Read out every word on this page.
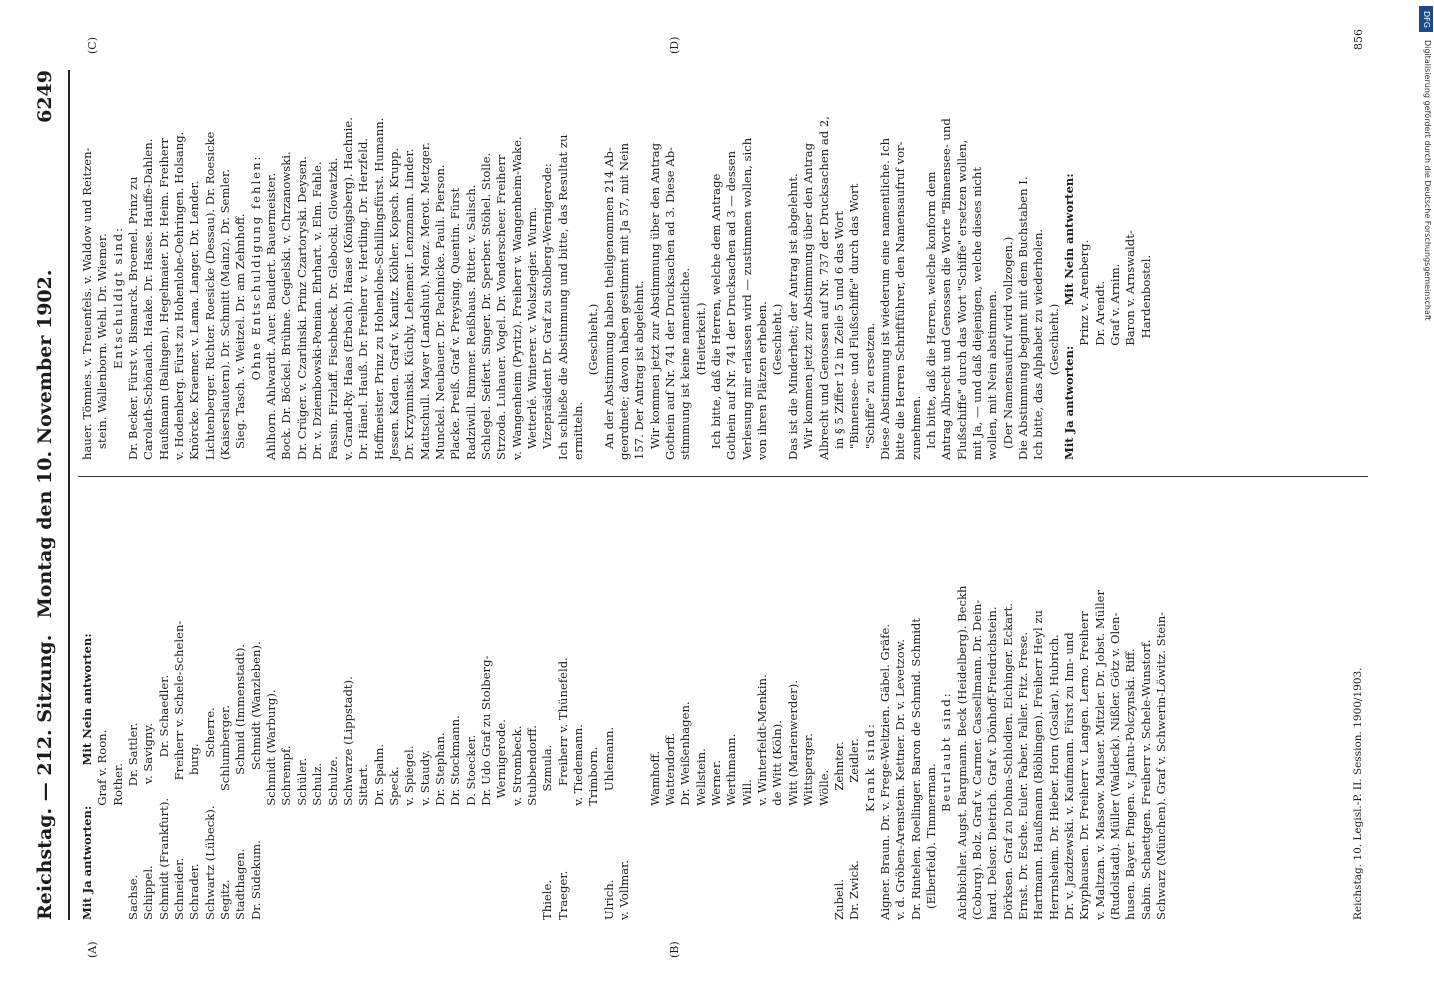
Reichstag. — 212. Sitzung.
Montag den 10. November 1902. 6249
(A)	(B)
(C)	(D)
Mit Ja antworten:          Mit Nein antworten: Graf v. Roon. Rother. Sachse.                        Dr. Sattler. Schippel.                      v. Savigny. Schmidt (Frankfurt).           Dr. Schaedler. Schneider.                     Freiherr v. Schele-Schelen- Schrader.                        burg. Schwartz (Lübeck).             Scherre. Segitz.                        Schlumberger. Stadthagen.                    Schmid (Immenstadt). Dr. Südekum.                   Schmidt (Wanzleben). Schmidt (Warburg). Schrempf. Schüler. Schulz. Schulze. Schwarze (Lippstadt). Sittart. Dr. Spahn. Speck. v. Spiegel. v. Staudy. Dr. Stephan. Dr. Stockmann. D. Stoecker. Dr. Udo Graf zu Stolberg- Wernigerode. v. Strombeck. Stubbendorff. Thiele.                        Szmula. Traeger.                       Freiherr v. Thünefeld. v. Tiedemann. Trimborn. Ulrich.                        Uhlemann. v. Vollmar.
Wamhoff. Wattendorff. Dr. Weißenhagen. Wellstein. Werner. Werthmann. Will. v. Winterfeldt-Menkin. de Witt (Köln). Witt (Marienwerder). Wittsperger. Wölle. Zubeil.                        Zehnter. Dr. Zwick.                     Zeidler. Krank sind: Aigner. Braun. Dr. v. Frege-Weltzien. Gäbel. Gräfe. v. d. Gröben-Arenstein. Kettner. Dr. v. Levetzow. Dr. Rintelen. Roellinger. Baron de Schmid. Schmidt (Elberfeld). Timmerman. Beurlaubt sind: Aichbichler. Augst. Bargmann. Beck (Heidelberg). Beckh (Coburg). Bolz. Graf v. Carmer. Cassellmann. Dr. Dein- hard. Delsor. Dietrich. Graf v. Dönhoff-Friedrichstein. Dörksen. Graf zu Dohna-Schlodien. Eichinger. Eckart. Ernst. Dr. Esche. Euler. Faber. Faller. Fitz. Frese. Hartmann. Haußmann (Böblingen). Freiherr Heyl zu Herrnsheim. Dr. Hieber. Horn (Goslar). Hubrich. Dr. v. Jazdzewski. v. Kaufmann. Fürst zu Inn- und Knyphausen. Dr. Freiherr v. Langen. Lerno. Freiherr v. Maltzan. v. Massow. Mauser. Mitzler. Dr. Jobst. Müller (Rudolstadt). Müller (Waldeck). Nißler. Götz v. Olen- husen. Bayer. Pingen. v. Jantu-Polczynski. Riff. Sabin. Schaettgen. Freiherr v. Schele-Wunstorf. Schwarz (München). Graf v. Schwerin-Löwitz. Stein-
hauer. Tönnies. v. Treuenfels. v. Waldow und Reitzen- stein. Wallenborn. Wehl. Dr. Wiemer. Entschuldigt sind: Dr. Becker. Fürst v. Bismarck. Broemel. Prinz zu Carolath-Schönaich. Haake. Dr. Hasse. Hauffe-Dahlen. Haußmann (Balingen). Hegelmaier. Dr. Heim. Freiherr v. Hodenberg. Fürst zu Hohenlohe-Oehringen. Holsang. Knörcke. Kraemer. v. Lama. Langer. Dr. Lender. Lichtenberger. Richter. Roesicke (Dessau). Dr. Roesicke (Kaiserslautern). Dr. Schmitt (Mainz). Dr. Semler. Sieg. Tasch. v. Weitzel. Dr. am Zehnhoff. Ohne Entschuldigung fehlen: Ahlhorn. Ahlwardt. Auer. Baudert. Bauermeister. Bock. Dr. Böckel. Brühne. Cegielski. v. Chrzanowski. Dr. Crüger. v. Czarlinski. Prinz Czartoryski. Deysen. Dr. v. Dziembowski-Pomian. Ehrhart. v. Elm. Fahle. Fassin. Firzlaff. Fischbeck. Dr. Glebocki. Glowatzki. v. Grand-Ry. Haas (Erbach). Haase (Königsberg). Hachnie. Dr. Hänel. Hauß. Dr. Freiherr v. Hertling. Dr. Herzfeld. Hoffmeister. Prinz zu Hohenlohe-Schillingsfürst. Humann. Jessen. Kaden. Graf v. Kanitz. Köhler. Kopsch. Krupp. Dr. Krzyminski. Küchly. Lehemeir. Lenzmann. Linder. Mattschull. Mayer (Landshut). Menz. Merot. Metzger. Munckel. Neubauer. Dr. Pachnicke. Pauli. Pierson. Placke. Preiß. Graf v. Preysing. Quentin. Fürst Radziwill. Rimmer. Reißhaus. Ritter. v. Salisch. Schlegel. Seifert. Singer. Dr. Sperber. Stöhel. Stolle. Strzoda. Luhauer. Vogel. Dr. Vonderscheer. Freiherr v. Wangenheim (Pyritz). Freiherr v. Wangenheim-Wake. Wetterlé. Winterer. v. Wolszlegier. Wurm. Vizepräsident Dr. Graf zu Stolberg-Wernigerode: Ich schließe die Abstimmung und bitte, das Resultat zu ermitteln. (Geschieht.) An der Abstimmung haben theilgenommen 214 Ab- geordnete; davon haben gestimmt mit Ja 57, mit Nein 157. Der Antrag ist abgelehnt. Wir kommen jetzt zur Abstimmung über den Antrag Gothein auf Nr. 741 der Drucksachen ad 3. Diese Ab- stimmung ist keine namentliche. (Heiterkeit.) Ich bitte, daß die Herren, welche dem Antrage Gothein auf Nr. 741 der Drucksachen ad 3 — dessen Verlesung mir erlassen wird — zustimmen wollen, sich von ihren Plätzen erheben. (Geschieht.) Das ist die Minderheit; der Antrag ist abgelehnt. Wir kommen jetzt zur Abstimmung über den Antrag Albrecht und Genossen auf Nr. 737 der Drucksachen ad 2, in § 5 Ziffer 12 in Zeile 5 und 6 das Wort "Binnensee- und Flußschiffe" durch das Wort "Schiffe" zu ersetzen. Diese Abstimmung ist wiederum eine namentliche. Ich bitte die Herren Schriftführer, den Namensaufruf vor- zunehmen. Ich bitte, daß die Herren, welche konform dem Antrag Albrecht und Genossen die Worte "Binnensee- und Flußschiffe" durch das Wort "Schiffe" ersetzen wollen, mit Ja, — und daß diejenigen, welche dieses nicht wollen, mit Nein abstimmen. (Der Namensaufruf wird vollzogen.) Die Abstimmung beginnt mit dem Buchstaben I. Ich bitte, das Alphabet zu wiederholen. (Geschieht.) Mit Ja antworten:          Mit Nein antworten: Prinz v. Arenberg. Dr. Arendt. Graf v. Arnim. Baron v. Arnswaldt- Hardenbostel.
Reichstag. 10. Legisl.-P. II. Session. 1900/1903.
856
DFG
Digitalisierung gefördert durch die Deutsche Forschungsgemeinschaft
